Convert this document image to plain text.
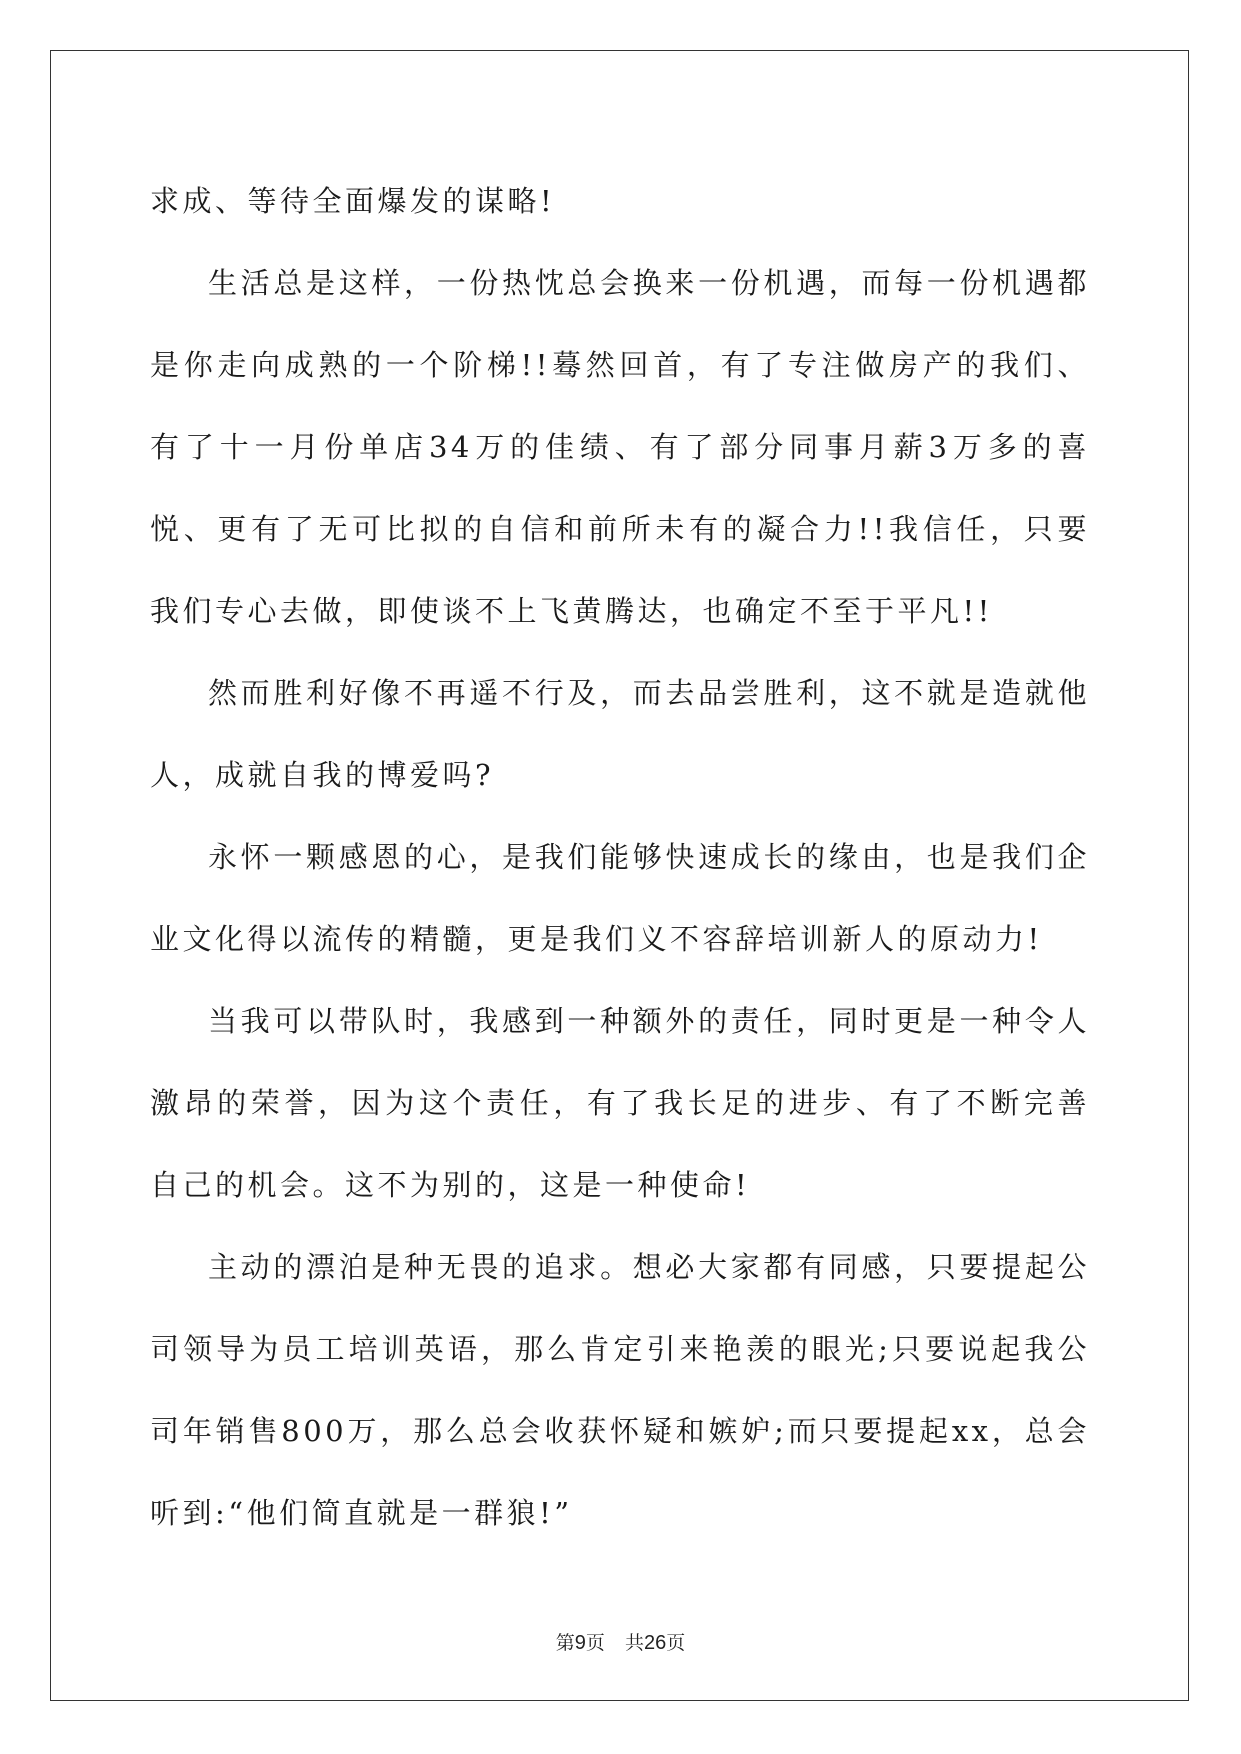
求成、等待全面爆发的谋略!

生活总是这样，一份热忱总会换来一份机遇，而每一份机遇都是你走向成熟的一个阶梯!!蓦然回首，有了专注做房产的我们、有了十一月份单店34万的佳绩、有了部分同事月薪3万多的喜悦、更有了无可比拟的自信和前所未有的凝合力!!我信任，只要我们专心去做，即使谈不上飞黄腾达，也确定不至于平凡!!

然而胜利好像不再遥不行及，而去品尝胜利，这不就是造就他人，成就自我的博爱吗?

永怀一颗感恩的心，是我们能够快速成长的缘由，也是我们企业文化得以流传的精髓，更是我们义不容辞培训新人的原动力!

当我可以带队时，我感到一种额外的责任，同时更是一种令人激昂的荣誉，因为这个责任，有了我长足的进步、有了不断完善自己的机会。这不为别的，这是一种使命!

主动的漂泊是种无畏的追求。想必大家都有同感，只要提起公司领导为员工培训英语，那么肯定引来艳羡的眼光;只要说起我公司年销售800万，那么总会收获怀疑和嫉妒;而只要提起xx，总会听到:“他们简直就是一群狼!”

第9页 共26页
